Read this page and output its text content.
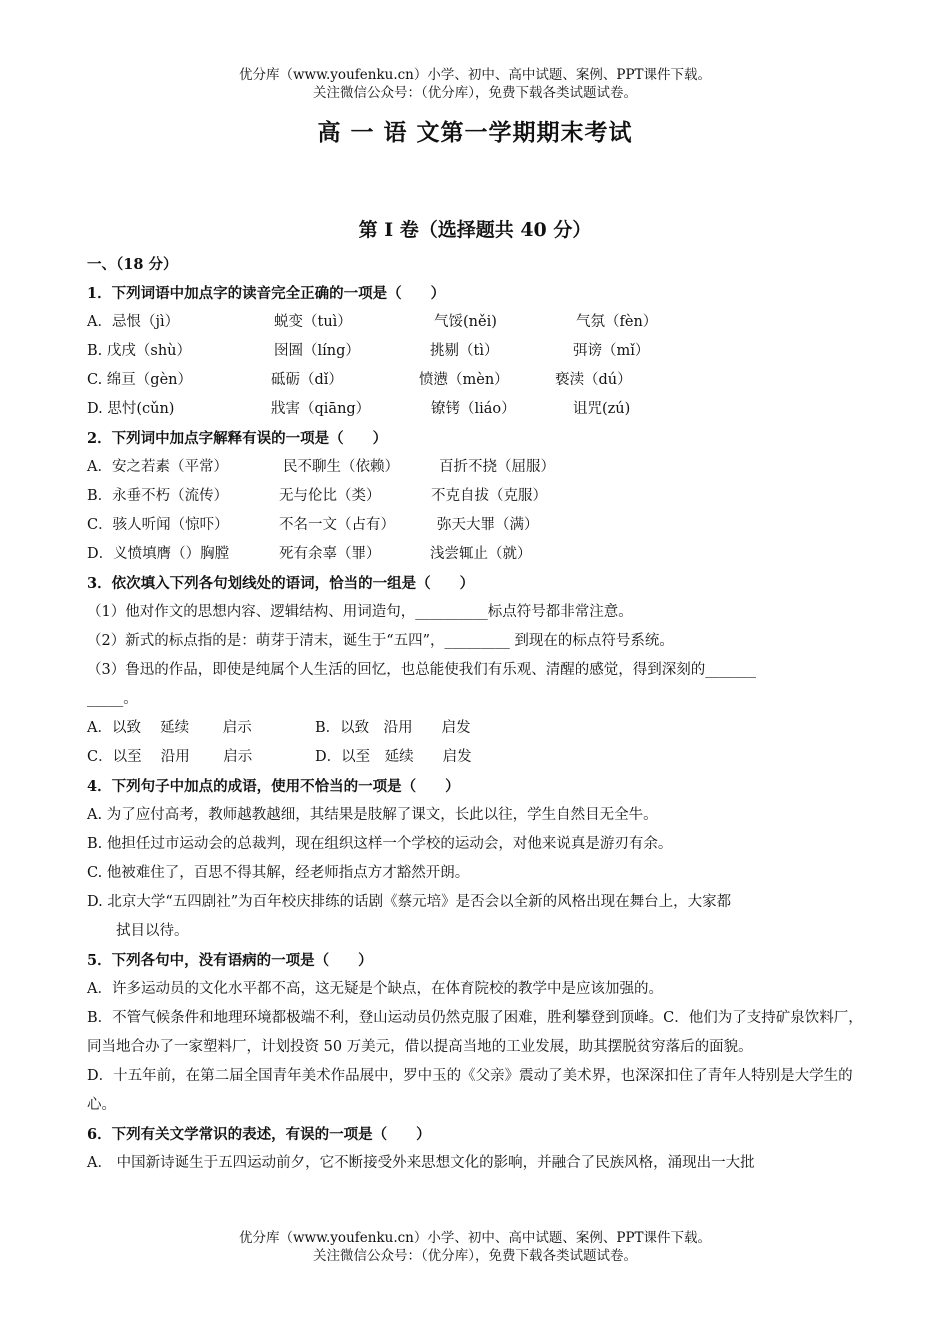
优分库（www.youfenku.cn）小学、初中、高中试题、案例、PPT课件下载。
关注微信公众号：（优分库），免费下载各类试题试卷。
高 一 语 文第一学期期末考试
第 I 卷（选择题共 40 分）
一、（18 分）
1．下列词语中加点字的读音完全正确的一项是（　　）
A．忌恨（jì）	蜕变（tuì）	气馁(něi)	气氛（fèn）
B. 戊戌（shù）	囹圄（líng）	挑剔（tì）	弭谤（mǐ）
C. 绵亘（gèn）	砥砺（dǐ）	愤懑（mèn）	亵渎（dú）
D. 思忖(cǔn)	戕害（qiāng）	镣铐（liáo）	诅咒(zú)
2．下列词中加点字解释有误的一项是（　　）
A．安之若素（平常）	民不聊生（依赖）	百折不挠（屈服）
B．永垂不朽（流传）	无与伦比（类）	不克自拔（克服）
C．骇人听闻（惊吓）	不名一文（占有）	弥天大罪（满）
D．义愤填膺（）胸膛	死有余辜（罪）	浅尝辄止（就）
3．依次填入下列各句划线处的语词，恰当的一组是（　　）
（1）他对作文的思想内容、逻辑结构、用词造句，__________标点符号都非常注意。
（2）新式的标点指的是：萌芽于清末，诞生于“五四”，_________ 到现在的标点符号系统。
（3）鲁迅的作品，即使是纯属个人生活的回忆，也总能使我们有乐观、清醒的感觉，得到深刻的_______
_____。
A．以致　 延续　　 启示	B．以致　沿用　　启发
C．以至　 沿用　　 启示	D．以至　延续　　启发
4．下列句子中加点的成语，使用不恰当的一项是（　　）
A. 为了应付高考，教师越教越细，其结果是肢解了课文，长此以往，学生自然目无全牛。
B. 他担任过市运动会的总裁判，现在组织这样一个学校的运动会，对他来说真是游刃有余。
C. 他被难住了，百思不得其解，经老师指点方才豁然开朗。
D. 北京大学“五四剧社”为百年校庆排练的话剧《蔡元培》是否会以全新的风格出现在舞台上，大家都
拭目以待。
5．下列各句中，没有语病的一项是（　　）
A．许多运动员的文化水平都不高，这无疑是个缺点，在体育院校的教学中是应该加强的。
B．不管气候条件和地理环境都极端不利，登山运动员仍然克服了困难，胜利攀登到顶峰。C．他们为了支持矿泉饮料厂，同当地合办了一家塑料厂，计划投资 50 万美元，借以提高当地的工业发展，助其摆脱贫穷落后的面貌。
D．十五年前，在第二届全国青年美术作品展中，罗中玉的《父亲》震动了美术界，也深深扣住了青年人特别是大学生的心。
6．下列有关文学常识的表述，有误的一项是（　　）
A． 中国新诗诞生于五四运动前夕，它不断接受外来思想文化的影响，并融合了民族风格，涌现出一大批
优分库（www.youfenku.cn）小学、初中、高中试题、案例、PPT课件下载。
关注微信公众号：（优分库），免费下载各类试题试卷。
